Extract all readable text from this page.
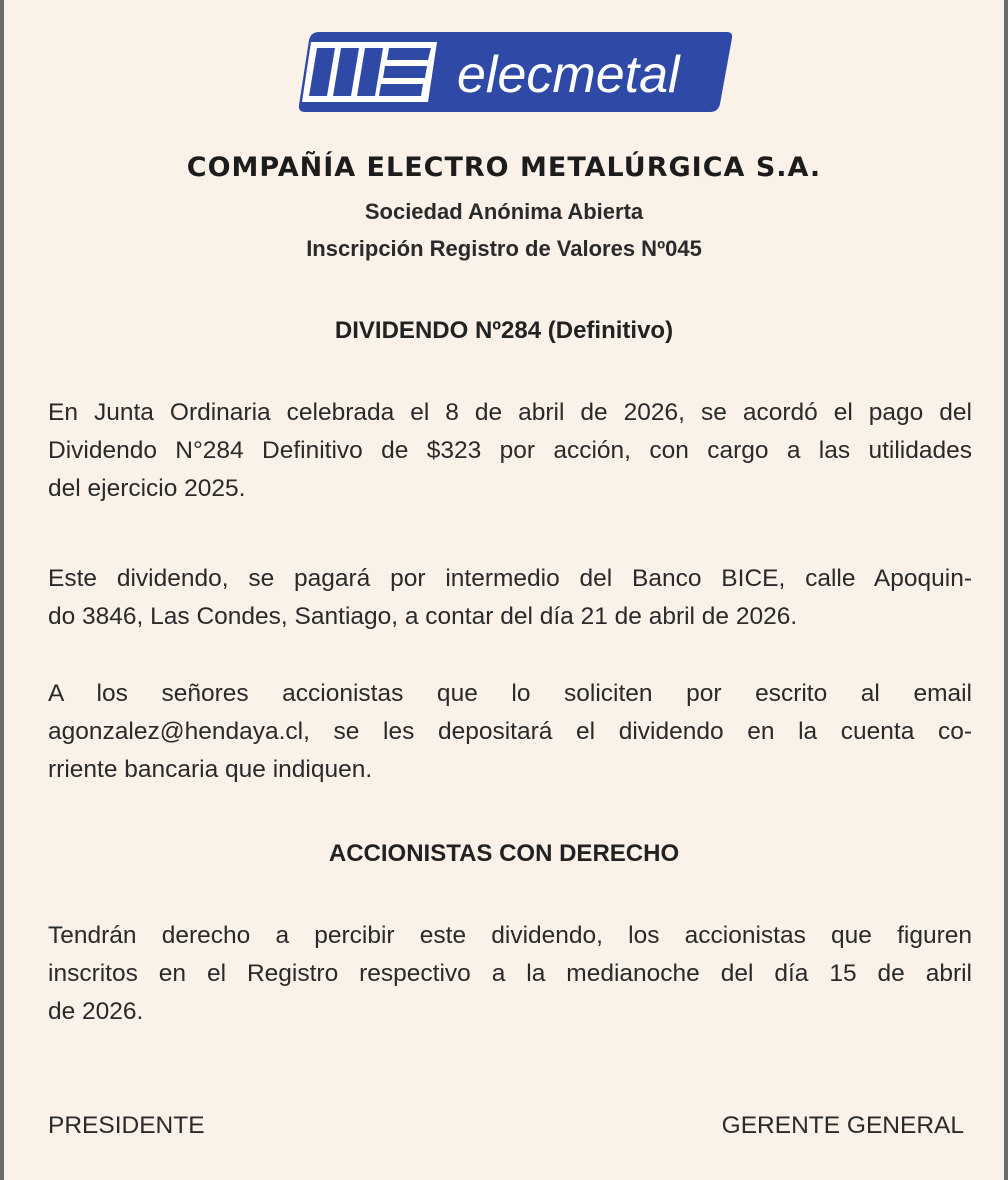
elecmetal
COMPAÑÍA ELECTRO METALÚRGICA S.A.
Sociedad Anónima Abierta
Inscripción Registro de Valores Nº045
DIVIDENDO Nº284 (Definitivo)
En Junta Ordinaria celebrada el 8 de abril de 2026, se acordó el pago del
Dividendo N°284 Definitivo de $323 por acción, con cargo a las utilidades
del ejercicio 2025.
Este dividendo, se pagará por intermedio del Banco BICE, calle Apoquin-
do 3846, Las Condes, Santiago, a contar del día 21 de abril de 2026.
A los señores accionistas que lo soliciten por escrito al email
agonzalez@hendaya.cl, se les depositará el dividendo en la cuenta co-
rriente bancaria que indiquen.
ACCIONISTAS CON DERECHO
Tendrán derecho a percibir este dividendo, los accionistas que figuren
inscritos en el Registro respectivo a la medianoche del día 15 de abril
de 2026.
PRESIDENTE	GERENTE GENERAL
